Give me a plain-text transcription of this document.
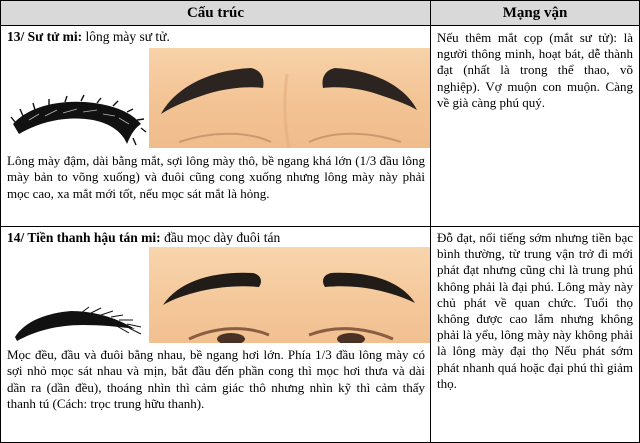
Cấu trúc	Mạng vận
13/ Sư tử mi: lông mày sư tử.
Lông mày đậm, dài bằng mắt, sợi lông mày thô, bề ngang khá lớn (1/3 đầu lông mày bản to võng xuống) và đuôi cũng cong xuống nhưng lông mày này phải mọc cao, xa mắt mới tốt, nếu mọc sát mắt là hỏng.
Nếu thêm mắt cọp (mắt sư tử): là người thông minh, hoạt bát, dễ thành đạt (nhất là trong thể thao, võ nghiệp). Vợ muộn con muộn. Càng về già càng phú quý.
14/ Tiền thanh hậu tán mi: đầu mọc dày đuôi tán
Mọc đều, đầu và đuôi bằng nhau, bề ngang hơi lớn. Phía 1/3 đầu lông mày có sợi nhỏ mọc sát nhau và mịn, bắt đầu đến phần cong thì mọc hơi thưa và dài dần ra (dần đều), thoáng nhìn thì cảm giác thô nhưng nhìn kỹ thì cảm thấy thanh tú (Cách: trọc trung hữu thanh).
Đỗ đạt, nổi tiếng sớm nhưng tiền bạc bình thường, từ trung vận trở đi mới phát đạt nhưng cũng chỉ là trung phú không phải là đại phú. Lông mày này chủ phát về quan chức. Tuổi thọ không được cao lắm nhưng không phải là yểu, lông mày này không phải là lông mày đại thọ Nếu phát sớm phát nhanh quá hoặc đại phú thì giảm thọ.
